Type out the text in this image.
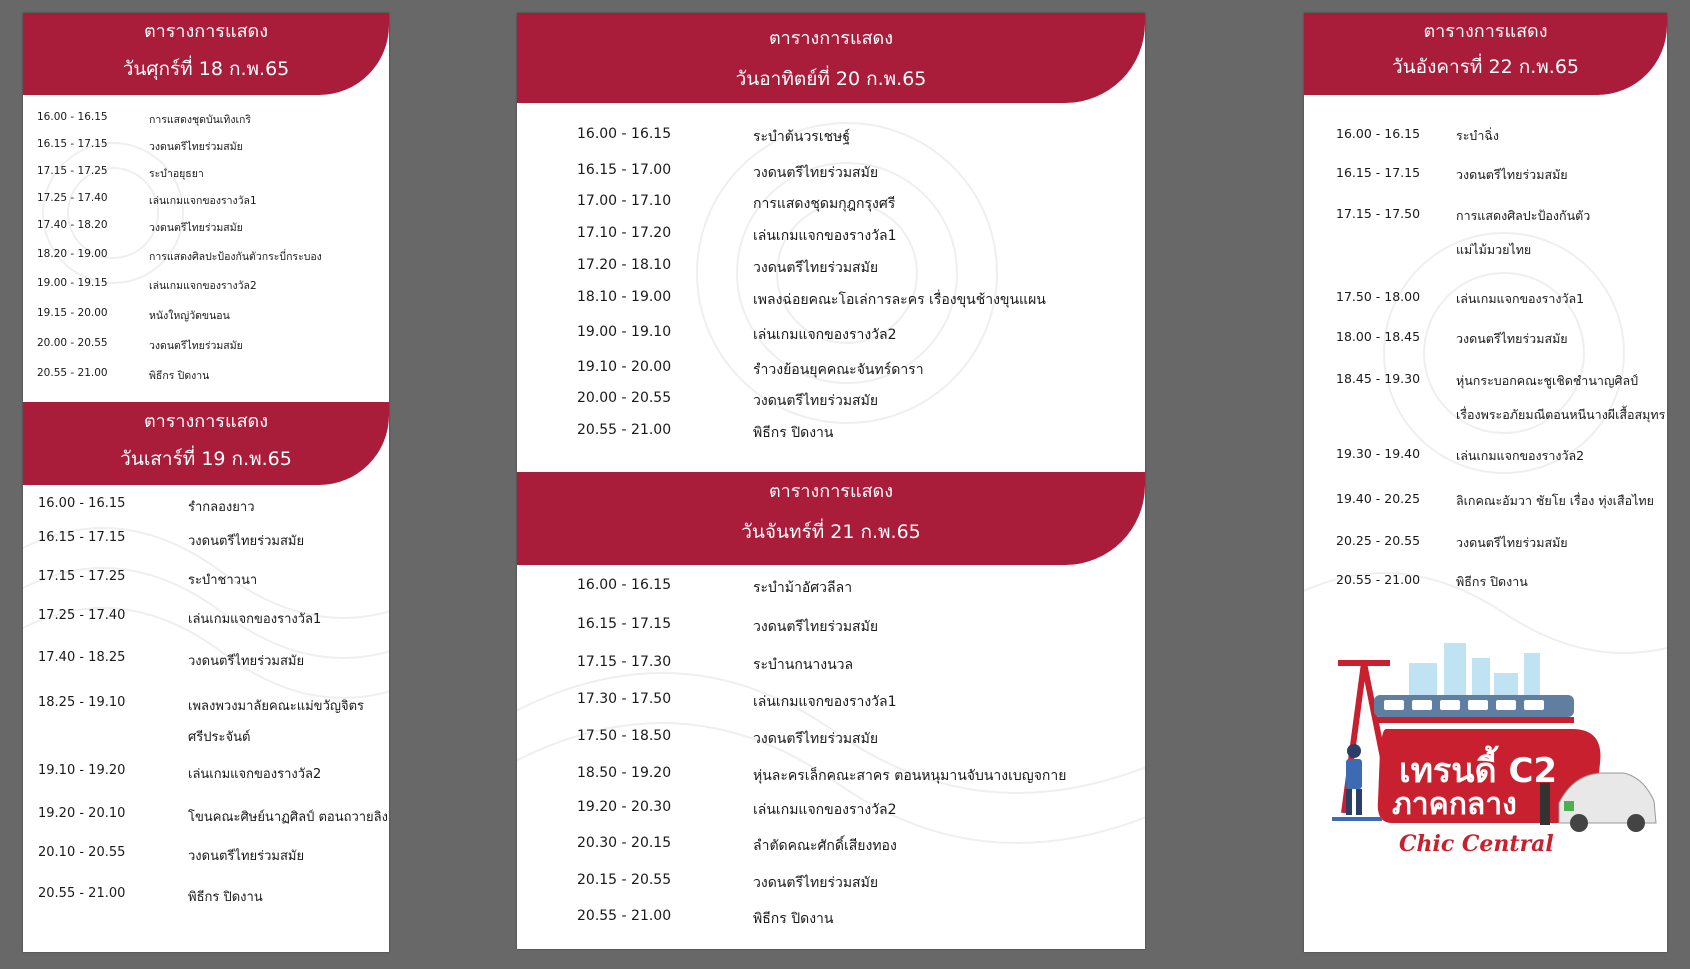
ตารางการแสดง
วันศุกร์ที่ 18 ก.พ.65
16.00 - 16.15	การแสดงชุดบันเทิงเกริ
16.15 - 17.15	วงดนตรีไทยร่วมสมัย
17.15 - 17.25	ระบำอยุธยา
17.25 - 17.40	เล่นเกมแจกของรางวัล1
17.40 - 18.20	วงดนตรีไทยร่วมสมัย
18.20 - 19.00	การแสดงศิลปะป้องกันตัวกระบี่กระบอง
19.00 - 19.15	เล่นเกมแจกของรางวัล2
19.15 - 20.00	หนังใหญ่วัดขนอน
20.00 - 20.55	วงดนตรีไทยร่วมสมัย
20.55 - 21.00	พิธีกร ปิดงาน
ตารางการแสดง
วันเสาร์ที่ 19 ก.พ.65
16.00 - 16.15	รำกลองยาว
16.15 - 17.15	วงดนตรีไทยร่วมสมัย
17.15 - 17.25	ระบำชาวนา
17.25 - 17.40	เล่นเกมแจกของรางวัล1
17.40 - 18.25	วงดนตรีไทยร่วมสมัย
18.25 - 19.10	เพลงพวงมาลัยคณะแม่ขวัญจิตร
ศรีประจันต์
19.10 - 19.20	เล่นเกมแจกของรางวัล2
19.20 - 20.10	โขนคณะศิษย์นาฏศิลป์ ตอนถวายลิง
20.10 - 20.55	วงดนตรีไทยร่วมสมัย
20.55 - 21.00	พิธีกร ปิดงาน
ตารางการแสดง
วันอาทิตย์ที่ 20 ก.พ.65
16.00 - 16.15	ระบำต้นวรเชษฐ์
16.15 - 17.00	วงดนตรีไทยร่วมสมัย
17.00 - 17.10	การแสดงชุดมกุฎกรุงศรี
17.10 - 17.20	เล่นเกมแจกของรางวัล1
17.20 - 18.10	วงดนตรีไทยร่วมสมัย
18.10 - 19.00	เพลงฉ่อยคณะโอเล่การละคร เรื่องขุนช้างขุนแผน
19.00 - 19.10	เล่นเกมแจกของรางวัล2
19.10 - 20.00	รำวงย้อนยุคคณะจันทร์ดารา
20.00 - 20.55	วงดนตรีไทยร่วมสมัย
20.55 - 21.00	พิธีกร ปิดงาน
ตารางการแสดง
วันจันทร์ที่ 21 ก.พ.65
16.00 - 16.15	ระบำม้าอัศวลีลา
16.15 - 17.15	วงดนตรีไทยร่วมสมัย
17.15 - 17.30	ระบำนกนางนวล
17.30 - 17.50	เล่นเกมแจกของรางวัล1
17.50 - 18.50	วงดนตรีไทยร่วมสมัย
18.50 - 19.20	หุ่นละครเล็กคณะสาคร ตอนหนุมานจับนางเบญจกาย
19.20 - 20.30	เล่นเกมแจกของรางวัล2
20.30 - 20.15	ลำตัดคณะศักดิ์เสียงทอง
20.15 - 20.55	วงดนตรีไทยร่วมสมัย
20.55 - 21.00	พิธีกร ปิดงาน
ตารางการแสดง
วันอังคารที่ 22 ก.พ.65
16.00 - 16.15	ระบำฉิ่ง
16.15 - 17.15	วงดนตรีไทยร่วมสมัย
17.15 - 17.50	การแสดงศิลปะป้องกันตัว
แม่ไม้มวยไทย
17.50 - 18.00	เล่นเกมแจกของรางวัล1
18.00 - 18.45	วงดนตรีไทยร่วมสมัย
18.45 - 19.30	หุ่นกระบอกคณะชูเชิดชำนาญศิลป์
เรื่องพระอภัยมณีตอนหนีนางผีเสื้อสมุทร
19.30 - 19.40	เล่นเกมแจกของรางวัล2
19.40 - 20.25	ลิเกคณะอัมวา ชัยโย เรื่อง ทุ่งเสือไทย
20.25 - 20.55	วงดนตรีไทยร่วมสมัย
20.55 - 21.00	พิธีกร ปิดงาน
เทรนดี้ C2
ภาคกลาง
Chic Central
